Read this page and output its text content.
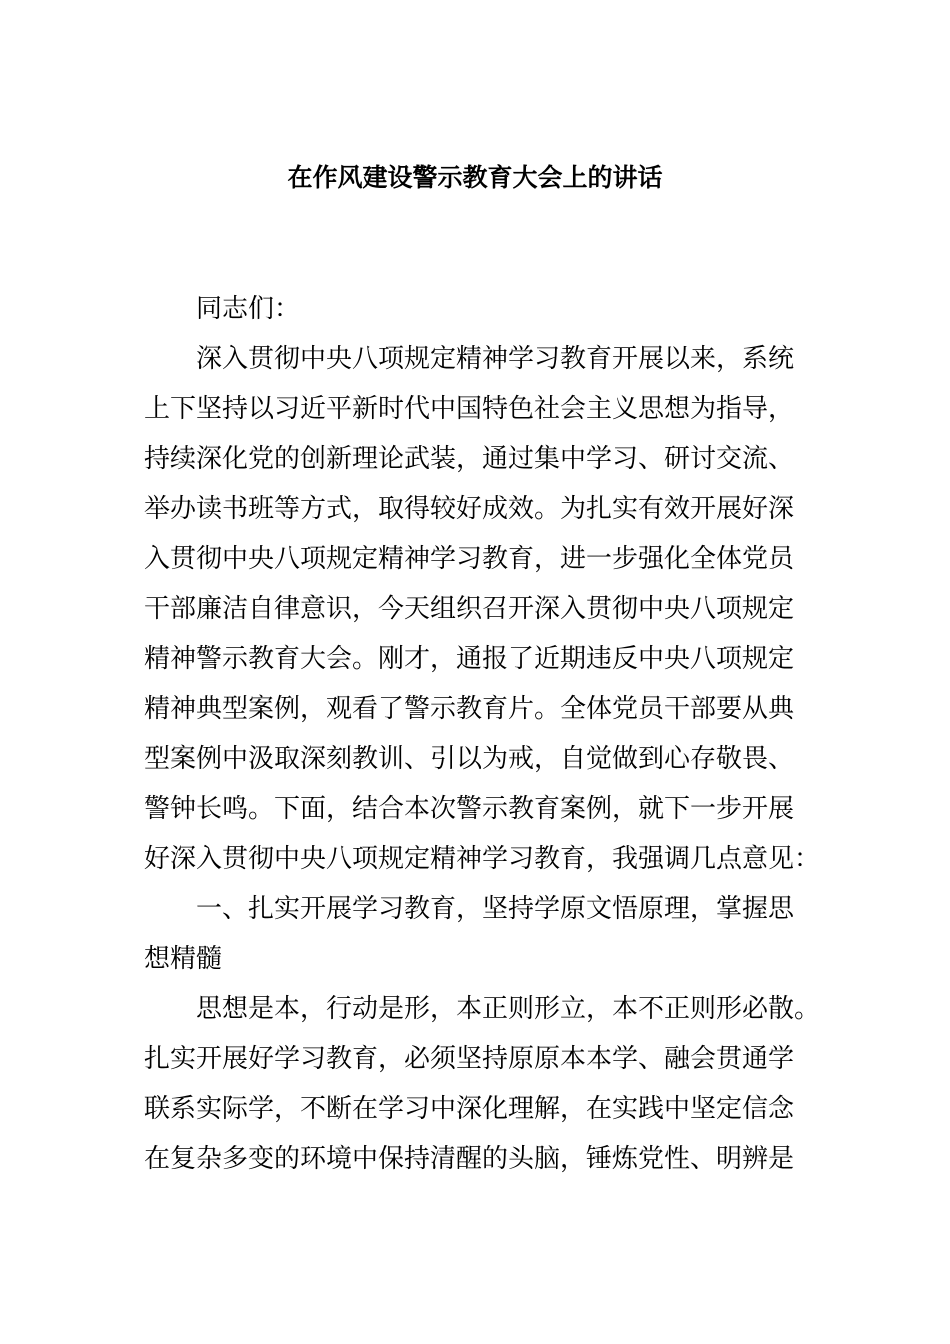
在作风建设警示教育大会上的讲话
同志们：
深入贯彻中央八项规定精神学习教育开展以来，系统
上下坚持以习近平新时代中国特色社会主义思想为指导，
持续深化党的创新理论武装，通过集中学习、研讨交流、
举办读书班等方式，取得较好成效。为扎实有效开展好深
入贯彻中央八项规定精神学习教育，进一步强化全体党员
干部廉洁自律意识，今天组织召开深入贯彻中央八项规定
精神警示教育大会。刚才，通报了近期违反中央八项规定
精神典型案例，观看了警示教育片。全体党员干部要从典
型案例中汲取深刻教训、引以为戒，自觉做到心存敬畏、
警钟长鸣。下面，结合本次警示教育案例，就下一步开展
好深入贯彻中央八项规定精神学习教育，我强调几点意见：
一、扎实开展学习教育，坚持学原文悟原理，掌握思
想精髓
思想是本，行动是形，本正则形立，本不正则形必散。
扎实开展好学习教育，必须坚持原原本本学、融会贯通学
联系实际学，不断在学习中深化理解，在实践中坚定信念
在复杂多变的环境中保持清醒的头脑，锤炼党性、明辨是
